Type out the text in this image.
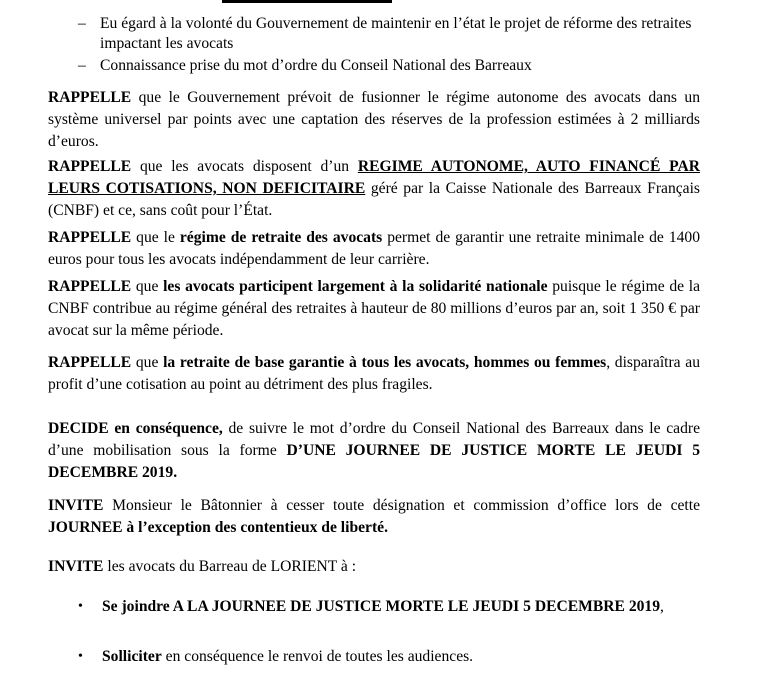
– Eu égard à la volonté du Gouvernement de maintenir en l’état le projet de réforme des retraites impactant les avocats
– Connaissance prise du mot d’ordre du Conseil National des Barreaux
RAPPELLE que le Gouvernement prévoit de fusionner le régime autonome des avocats dans un système universel par points avec une captation des réserves de la profession estimées à 2 milliards d’euros.
RAPPELLE que les avocats disposent d’un REGIME AUTONOME, AUTO FINANCÉ PAR LEURS COTISATIONS, NON DEFICITAIRE géré par la Caisse Nationale des Barreaux Français (CNBF) et ce, sans coût pour l’État.
RAPPELLE que le régime de retraite des avocats permet de garantir une retraite minimale de 1400 euros pour tous les avocats indépendamment de leur carrière.
RAPPELLE que les avocats participent largement à la solidarité nationale puisque le régime de la CNBF contribue au régime général des retraites à hauteur de 80 millions d’euros par an, soit 1 350 € par avocat sur la même période.
RAPPELLE que la retraite de base garantie à tous les avocats, hommes ou femmes, disparaîtra au profit d’une cotisation au point au détriment des plus fragiles.
DECIDE en conséquence, de suivre le mot d’ordre du Conseil National des Barreaux dans le cadre d’une mobilisation sous la forme D’UNE JOURNEE DE JUSTICE MORTE LE JEUDI 5 DECEMBRE 2019.
INVITE Monsieur le Bâtonnier à cesser toute désignation et commission d’office lors de cette JOURNEE à l’exception des contentieux de liberté.
INVITE les avocats du Barreau de LORIENT à :
• Se joindre A LA JOURNEE DE JUSTICE MORTE LE JEUDI 5 DECEMBRE 2019,
• Solliciter en conséquence le renvoi de toutes les audiences.
